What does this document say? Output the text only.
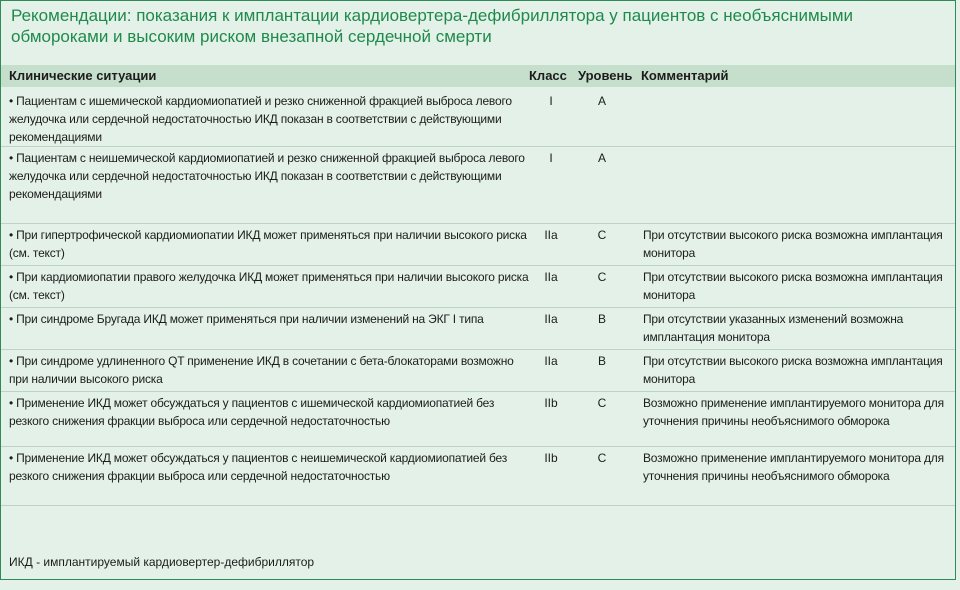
Рекомендации: показания к имплантации кардиовертера-дефибриллятора у пациентов с необъяснимыми обмороками и высоким риском внезапной сердечной смерти
Клинические ситуации	Класс Уровень Комментарий
• Пациентам с ишемической кардиомиопатией и резко сниженной фракцией выброса левого желудочка или сердечной недостаточностью ИКД показан в соответствии с действующими рекомендациями
I	A
• Пациентам с неишемической кардиомиопатией и резко сниженной фракцией выброса левого желудочка или сердечной недостаточностью ИКД показан в соответствии с действующими рекомендациями
I	A
• При гипертрофической кардиомиопатии ИКД может применяться при наличии высокого риска (см. текст)
IIa	C	При отсутствии высокого риска возможна имплантация монитора
• При кардиомиопатии правого желудочка ИКД может применяться при наличии высокого риска (см. текст)
IIa	C	При отсутствии высокого риска возможна имплантация монитора
• При синдроме Бругада ИКД может применяться при наличии изменений на ЭКГ I типа	IIa	B	При отсутствии указанных изменений возможна имплантация монитора
• При синдроме удлиненного QT применение ИКД в сочетании с бета-блокаторами возможно при наличии высокого риска
IIa	B	При отсутствии высокого риска возможна имплантация монитора
• Применение ИКД может обсуждаться у пациентов с ишемической кардиомиопатией без резкого снижения фракции выброса или сердечной недостаточностью
IIb	C	Возможно применение имплантируемого монитора для уточнения причины необъяснимого обморока
• Применение ИКД может обсуждаться у пациентов с неишемической кардиомиопатией без резкого снижения фракции выброса или сердечной недостаточностью
IIb	C	Возможно применение имплантируемого монитора для уточнения причины необъяснимого обморока
ИКД - имплантируемый кардиовертер-дефибриллятор
